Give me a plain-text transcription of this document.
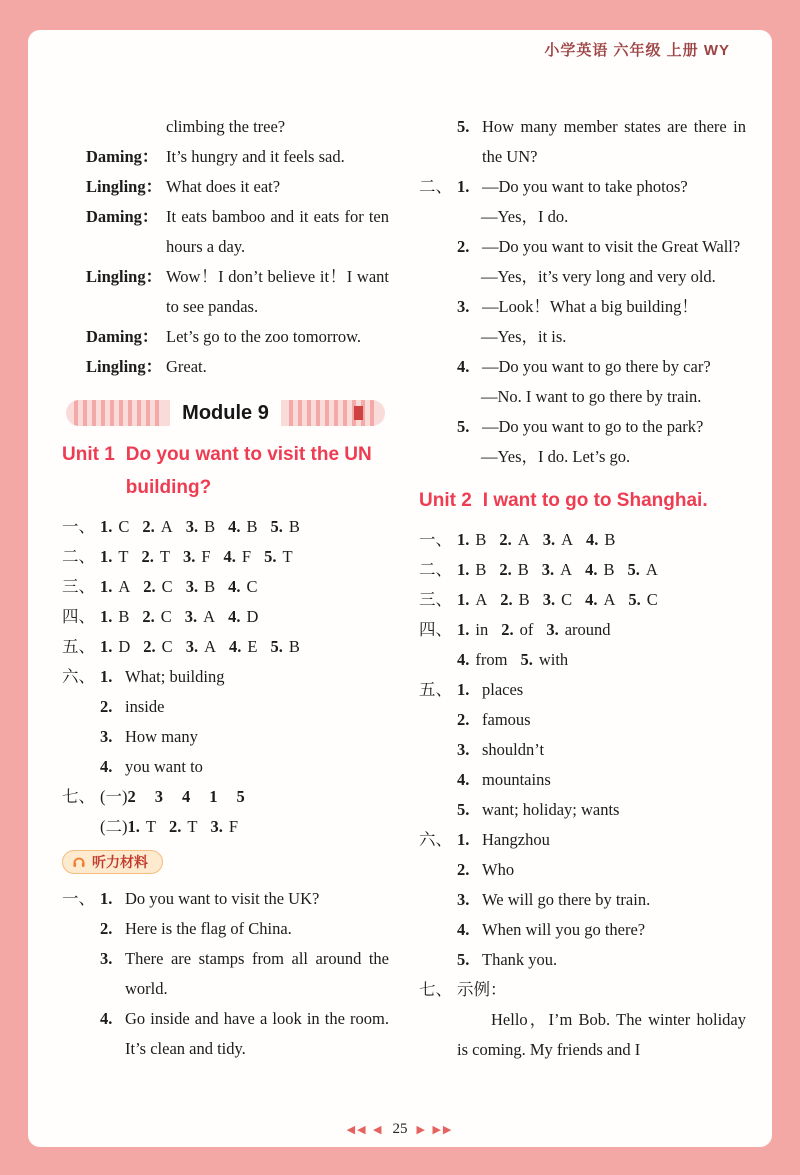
小学英语 六年级 上册 WY
climbing the tree?
Daming： It’s hungry and it feels sad.
Lingling： What does it eat?
Daming： It eats bamboo and it eats for ten hours a day.
Lingling： Wow！I don’t believe it！I want to see pandas.
Daming： Let’s go to the zoo tomorrow.
Lingling： Great.
Module 9
Unit 1 Do you want to visit the UN building?
一、 1. C 2. A 3. B 4. B 5. B
二、 1. T 2. T 3. F 4. F 5. T
三、 1. A 2. C 3. B 4. C
四、 1. B 2. C 3. A 4. D
五、 1. D 2. C 3. A 4. E 5. B
六、 1. What; building
2. inside
3. How many
4. you want to
七、 (一) 2	3	4	1	5
(二) 1. T 2. T 3. F
听力材料
一、 1. Do you want to visit the UK?
2. Here is the flag of China.
3. There are stamps from all around the world.
4. Go inside and have a look in the room. It’s clean and tidy.
5. How many member states are there in the UN?
二、 1. —Do you want to take photos?
—Yes，I do.
2. —Do you want to visit the Great Wall?
—Yes，it’s very long and very old.
3. —Look！What a big building！
—Yes，it is.
4. —Do you want to go there by car?
—No. I want to go there by train.
5. —Do you want to go to the park?
—Yes，I do. Let’s go.
Unit 2 I want to go to Shanghai.
一、 1. B 2. A 3. A 4. B
二、 1. B 2. B 3. A 4. B 5. A
三、 1. A 2. B 3. C 4. A 5. C
四、 1. in 2. of 3. around
4. from 5. with
五、 1. places
2. famous
3. shouldn’t
4. mountains
5. want; holiday; wants
六、 1. Hangzhou
2. Who
3. We will go there by train.
4. When will you go there?
5. Thank you.
七、 示例：
Hello，I’m Bob. The winter holiday is coming. My friends and I
◀◀ ◀ 25 ▶ ▶▶
